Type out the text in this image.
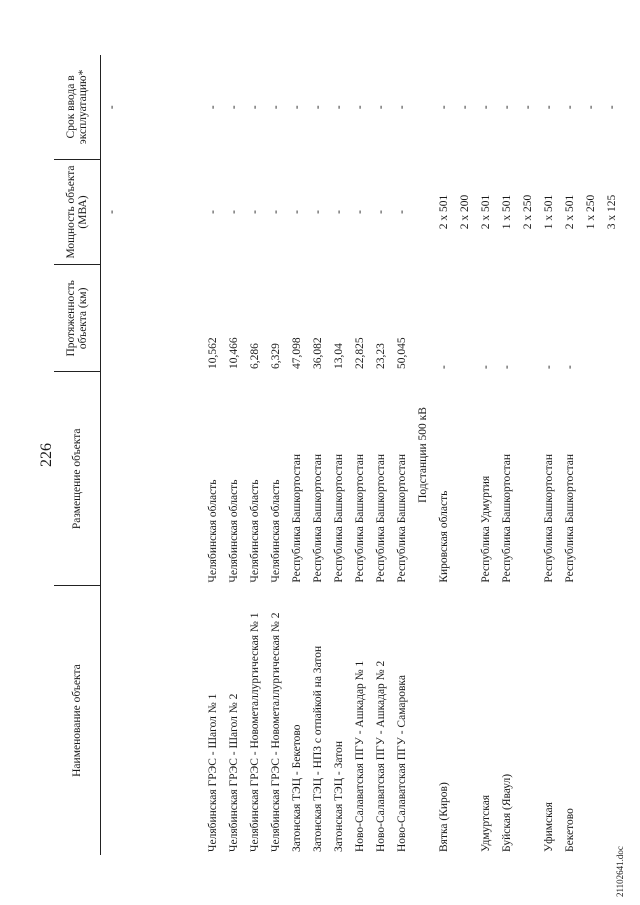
226
Наименование объекта	Размещение объекта	Протяженность объекта (км)	Мощность объекта (МВА)	Срок ввода в эксплуатацию*
			-	-

Челябинская ГРЭС - Шагол № 1	Челябинская область	10,562	-	-
Челябинская ГРЭС - Шагол № 2	Челябинская область	10,466	-	-
Челябинская ГРЭС - Новометаллургическая № 1	Челябинская область	6,286	-	-
Челябинская ГРЭС - Новометаллургическая № 2	Челябинская область	6,329	-	-
Затонская ТЭЦ - Бекетово	Республика Башкортостан	47,098	-	-
Затонская ТЭЦ - НПЗ с отпайкой на Затон	Республика Башкортостан	36,082	-	-
Затонская ТЭЦ - Затон	Республика Башкортостан	13,04	-	-
Ново-Салаватская ПГУ - Ашкадар № 1	Республика Башкортостан	22,825	-	-
Ново-Салаватская ПГУ - Ашкадар № 2	Республика Башкортостан	23,23	-	-
Ново-Салаватская ПГУ - Самаровка	Республика Башкортостан	50,045	-	-
Подстанции 500 кВ				
Вятка (Киров)	Кировская область	-	2 x 501	-
			2 x 200	-
Удмуртская	Республика Удмуртия	-	2 x 501	-
Буйская (Яваул)	Республика Башкортостан	-	1 x 501	-
			2 x 250	-
Уфимская	Республика Башкортостан	-	1 x 501	-
Бекетово	Республика Башкортостан	-	2 x 501	-
			1 x 250	-
			3 x 125	-
21102641.doc
